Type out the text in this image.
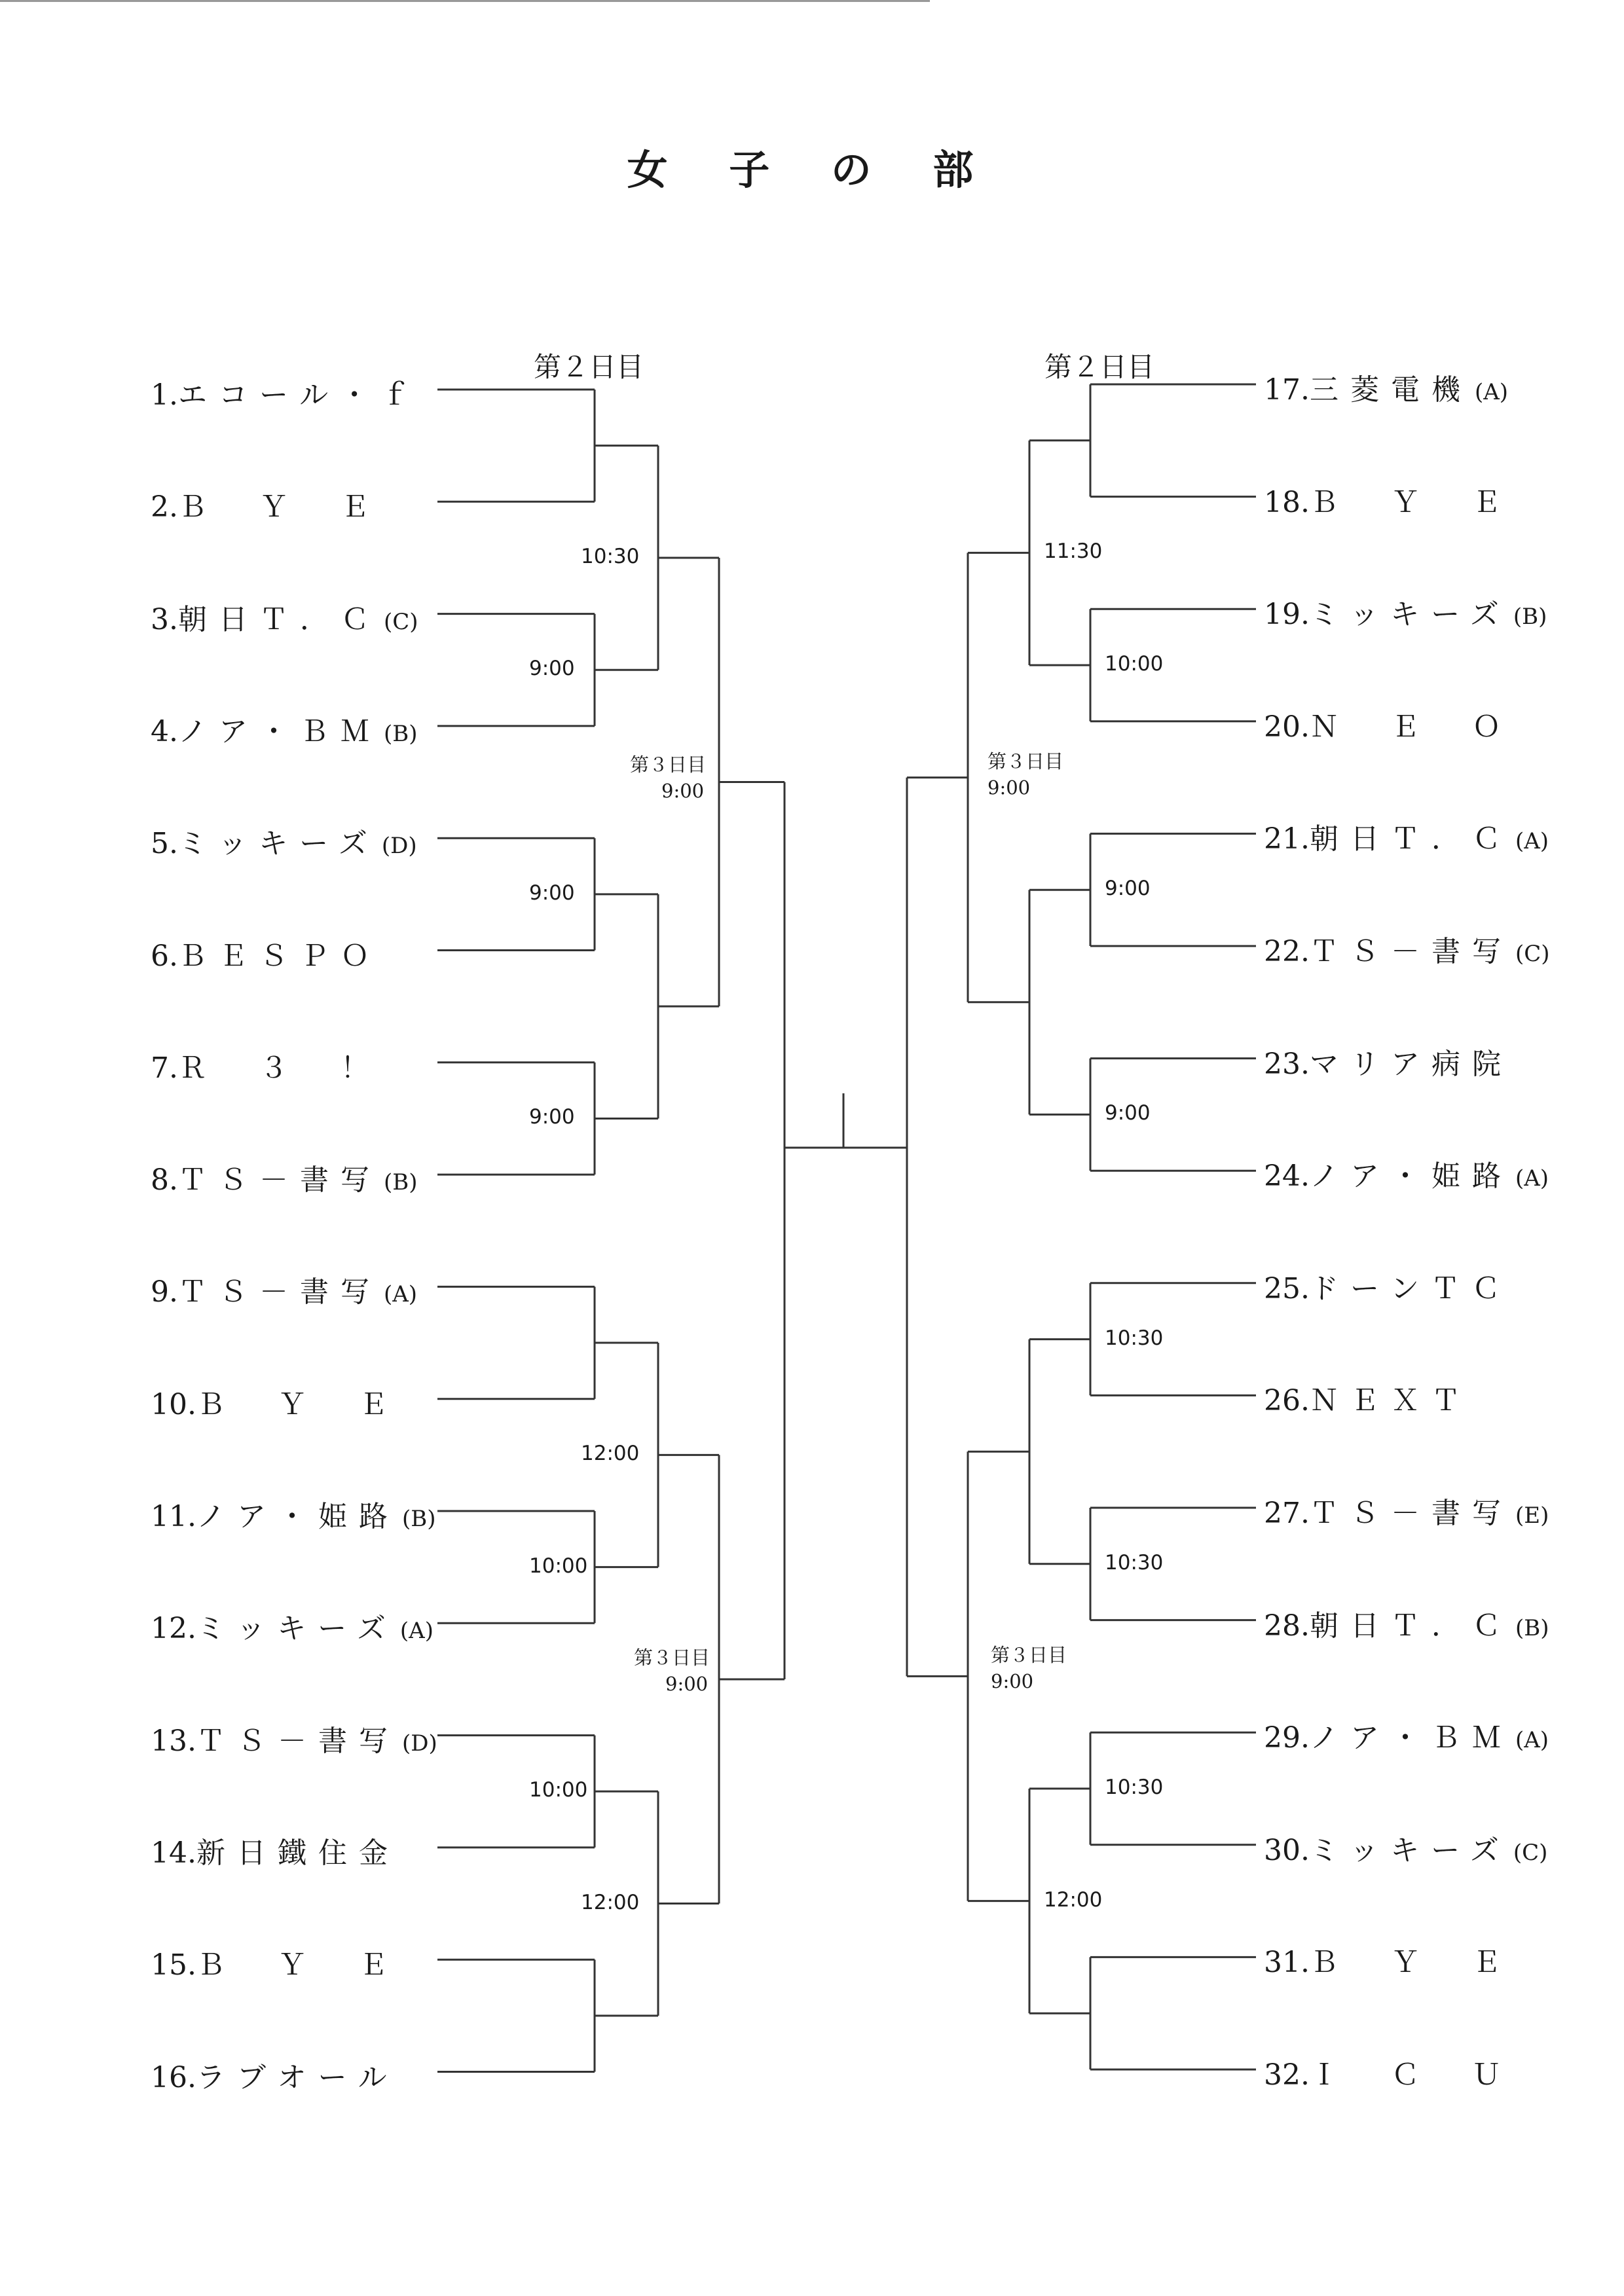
女 子 の 部
第２日目	第２日目
1.エコール・ｆ
2.Ｂ　Ｙ　Ｅ
3.朝日Ｔ．Ｃ (C)
4.ノア・ＢＭ (B)
5.ミッキーズ (D)
6.ＢＥＳＰＯ
7.Ｒ　３　！
8.ＴＳ－書写 (B)
9.ＴＳ－書写 (A)
10.Ｂ　Ｙ　Ｅ
11.ノア・姫路 (B)
12.ミッキーズ (A)
13.ＴＳ－書写 (D)
14.新日鐵住金
15.Ｂ　Ｙ　Ｅ
16.ラブオール
17.三菱電機 (A)
18.Ｂ　Ｙ　Ｅ
19.ミッキーズ (B)
20.Ｎ　Ｅ　Ｏ
21.朝日Ｔ．Ｃ (A)
22.ＴＳ－書写 (C)
23.マリア病院
24.ノア・姫路 (A)
25.ドーンＴＣ
26.ＮＥＸＴ
27.ＴＳ－書写 (E)
28.朝日Ｔ．Ｃ (B)
29.ノア・ＢＭ (A)
30.ミッキーズ (C)
31.Ｂ　Ｙ　Ｅ
32.Ｉ　Ｃ　Ｕ
9:00
9:00
9:00
10:00
10:00
10:30
12:00
12:00
10:00
9:00
9:00
10:30
10:30
10:30
11:30
12:00
第３日目
9:00
第３日目
9:00
第３日目
9:00
第３日目
9:00
